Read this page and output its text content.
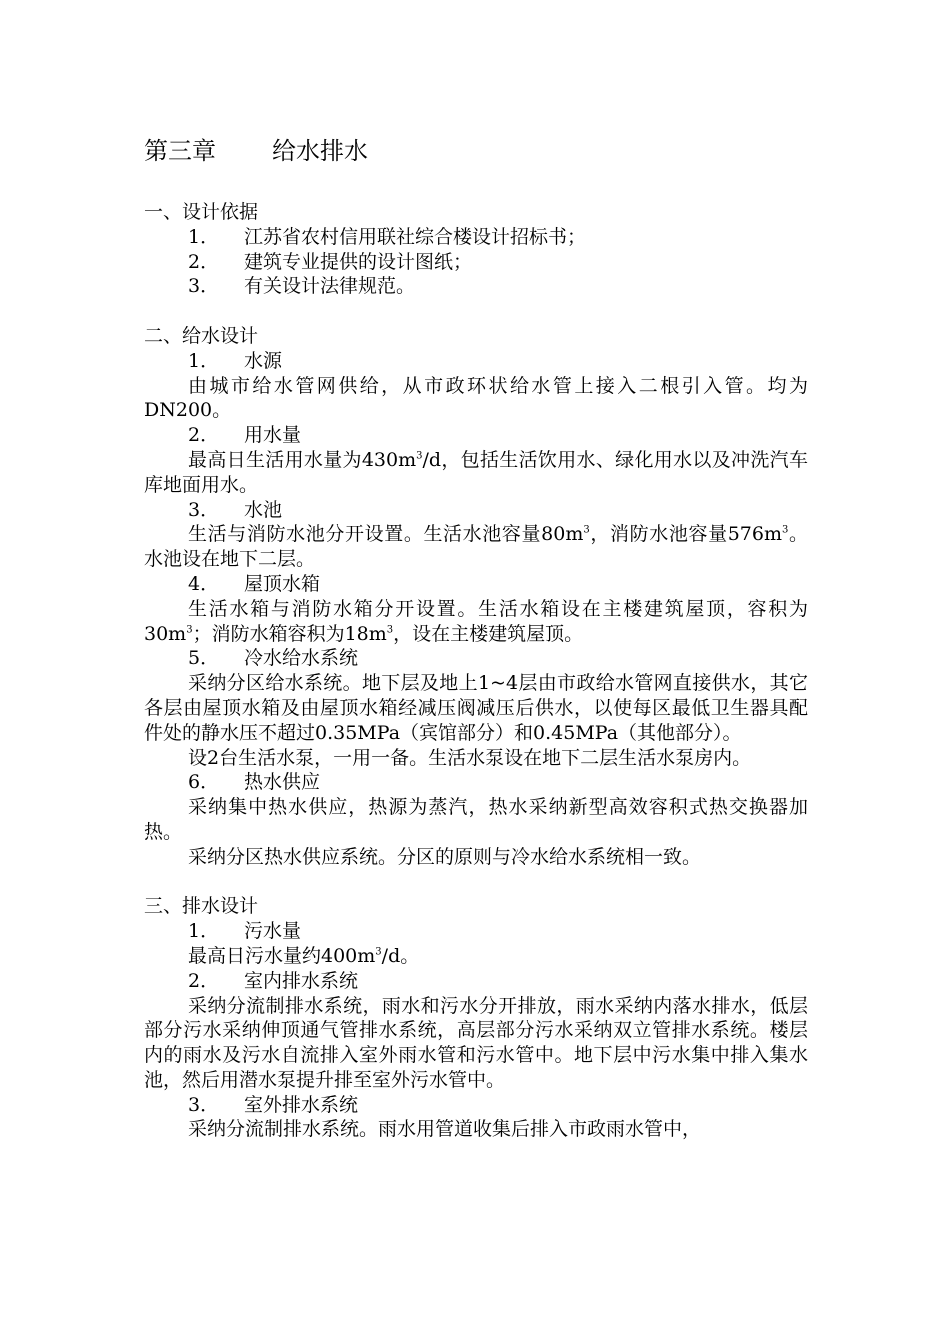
第三章 给水排水
一、设计依据
1． 江苏省农村信用联社综合楼设计招标书；
2． 建筑专业提供的设计图纸；
3． 有关设计法律规范。
二、给水设计
1． 水源
由城市给水管网供给，从市政环状给水管上接入二根引入管。均为DN200。
2． 用水量
最高日生活用水量为$430m^3/d$，包括生活饮用水、绿化用水以及冲洗汽车库地面用水。
3． 水池
生活与消防水池分开设置。生活水池容量$80m^3$，消防水池容量$576m^3$。水池设在地下二层。
4． 屋顶水箱
生活水箱与消防水箱分开设置。生活水箱设在主楼建筑屋顶，容积为$30m^3$；消防水箱容积为$18m^3$，设在主楼建筑屋顶。
5． 冷水给水系统
采纳分区给水系统。地下层及地上1~4层由市政给水管网直接供水，其它各层由屋顶水箱及由屋顶水箱经减压阀减压后供水，以使每区最低卫生器具配件处的静水压不超过0.35MPa（宾馆部分）和0.45MPa（其他部分）。
设2台生活水泵，一用一备。生活水泵设在地下二层生活水泵房内。
6． 热水供应
采纳集中热水供应，热源为蒸汽，热水采纳新型高效容积式热交换器加热。
采纳分区热水供应系统。分区的原则与冷水给水系统相一致。
三、排水设计
1． 污水量
最高日污水量约$400m^3/d$。
2． 室内排水系统
采纳分流制排水系统，雨水和污水分开排放，雨水采纳内落水排水，低层部分污水采纳伸顶通气管排水系统，高层部分污水采纳双立管排水系统。楼层内的雨水及污水自流排入室外雨水管和污水管中。地下层中污水集中排入集水池，然后用潜水泵提升排至室外污水管中。
3． 室外排水系统
采纳分流制排水系统。雨水用管道收集后排入市政雨水管中，
